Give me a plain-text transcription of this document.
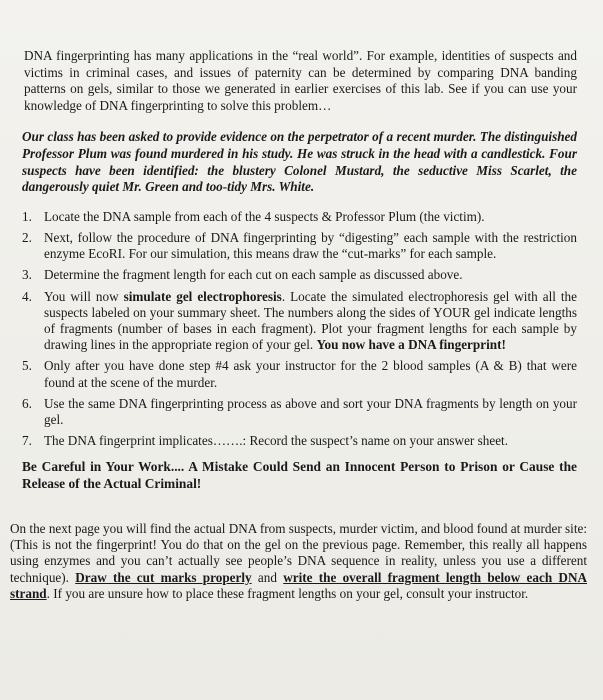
DNA fingerprinting has many applications in the “real world”. For example, identities of suspects and victims in criminal cases, and issues of paternity can be determined by comparing DNA banding patterns on gels, similar to those we generated in earlier exercises of this lab. See if you can use your knowledge of DNA fingerprinting to solve this problem…

Our class has been asked to provide evidence on the perpetrator of a recent murder. The distinguished Professor Plum was found murdered in his study. He was struck in the head with a candlestick. Four suspects have been identified: the blustery Colonel Mustard, the seductive Miss Scarlet, the dangerously quiet Mr. Green and too-tidy Mrs. White.

1. Locate the DNA sample from each of the 4 suspects & Professor Plum (the victim).
2. Next, follow the procedure of DNA fingerprinting by “digesting” each sample with the restriction enzyme EcoRI. For our simulation, this means draw the “cut-marks” for each sample.
3. Determine the fragment length for each cut on each sample as discussed above.
4. You will now simulate gel electrophoresis. Locate the simulated electrophoresis gel with all the suspects labeled on your summary sheet. The numbers along the sides of YOUR gel indicate lengths of fragments (number of bases in each fragment). Plot your fragment lengths for each sample by drawing lines in the appropriate region of your gel. You now have a DNA fingerprint!
5. Only after you have done step #4 ask your instructor for the 2 blood samples (A & B) that were found at the scene of the murder.
6. Use the same DNA fingerprinting process as above and sort your DNA fragments by length on your gel.
7. The DNA fingerprint implicates…….: Record the suspect’s name on your answer sheet.

Be Careful in Your Work.... A Mistake Could Send an Innocent Person to Prison or Cause the Release of the Actual Criminal!

On the next page you will find the actual DNA from suspects, murder victim, and blood found at murder site: (This is not the fingerprint! You do that on the gel on the previous page. Remember, this really all happens using enzymes and you can’t actually see people’s DNA sequence in reality, unless you use a different technique). Draw the cut marks properly and write the overall fragment length below each DNA strand. If you are unsure how to place these fragment lengths on your gel, consult your instructor.
